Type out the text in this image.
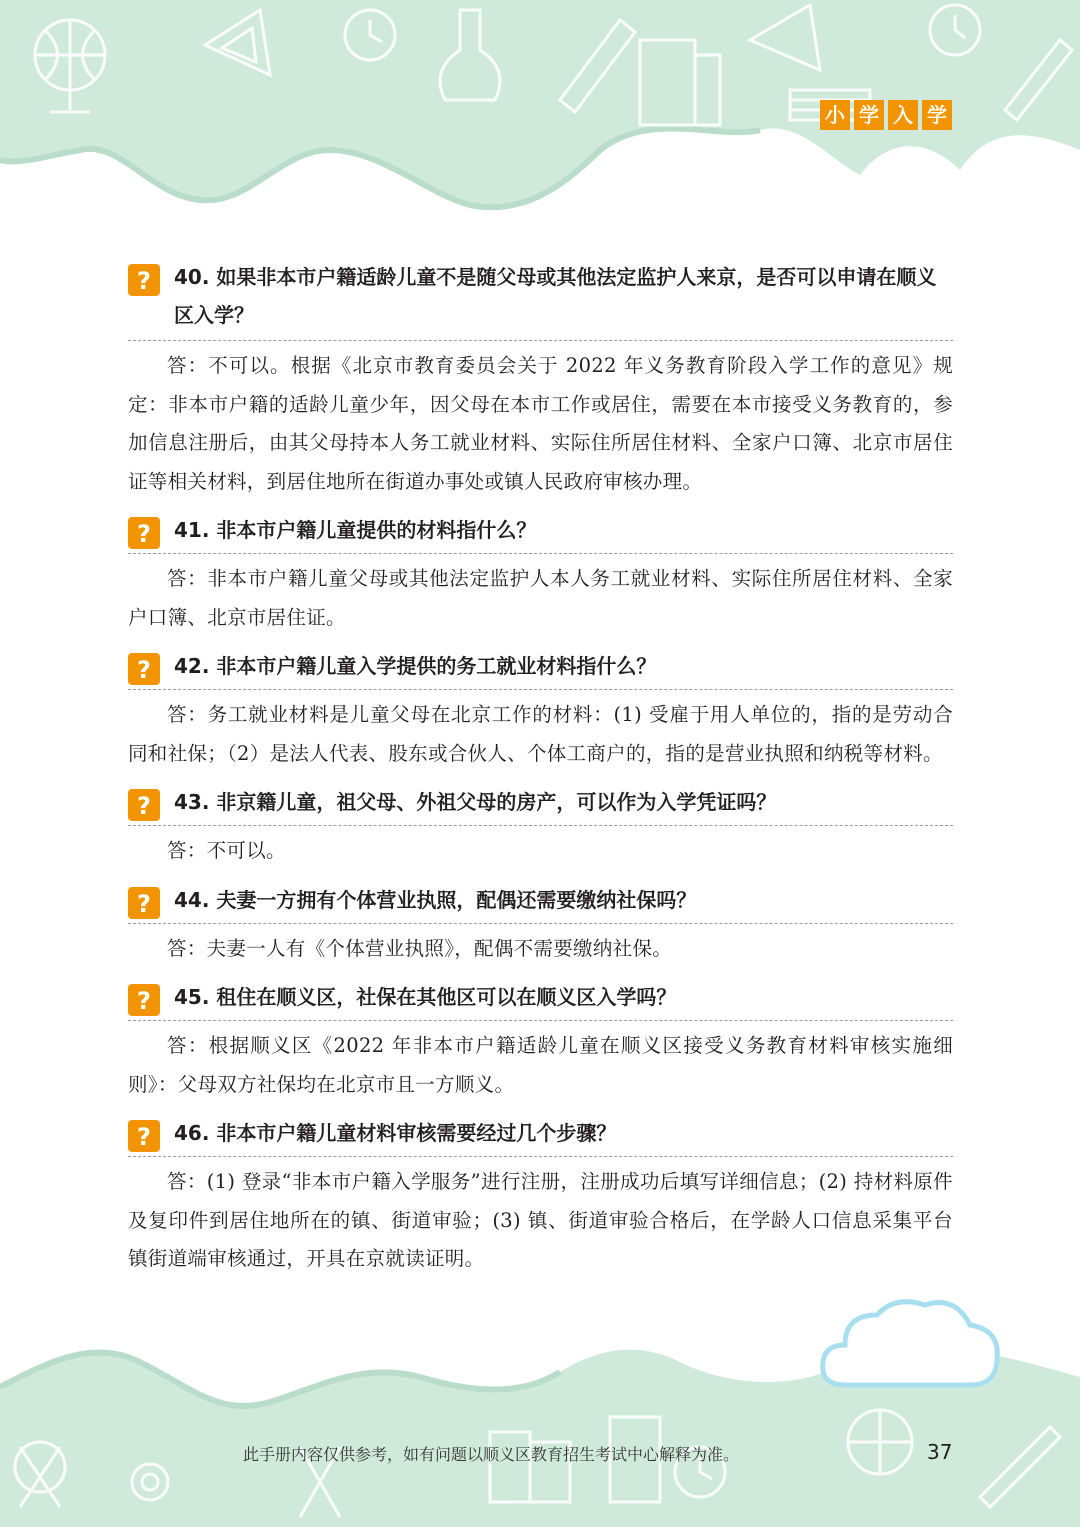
小 学 入 学
? 40. 如果非本市户籍适龄儿童不是随父母或其他法定监护人来京，是否可以申请在顺义区入学？
答：不可以。根据《北京市教育委员会关于 2022 年义务教育阶段入学工作的意见》规定：非本市户籍的适龄儿童少年，因父母在本市工作或居住，需要在本市接受义务教育的，参加信息注册后，由其父母持本人务工就业材料、实际住所居住材料、全家户口簿、北京市居住证等相关材料，到居住地所在街道办事处或镇人民政府审核办理。
? 41. 非本市户籍儿童提供的材料指什么？
答：非本市户籍儿童父母或其他法定监护人本人务工就业材料、实际住所居住材料、全家户口簿、北京市居住证。
? 42. 非本市户籍儿童入学提供的务工就业材料指什么？
答：务工就业材料是儿童父母在北京工作的材料：(1) 受雇于用人单位的，指的是劳动合同和社保；（2）是法人代表、股东或合伙人、个体工商户的，指的是营业执照和纳税等材料。
? 43. 非京籍儿童，祖父母、外祖父母的房产，可以作为入学凭证吗？
答：不可以。
? 44. 夫妻一方拥有个体营业执照，配偶还需要缴纳社保吗？
答：夫妻一人有《个体营业执照》，配偶不需要缴纳社保。
? 45. 租住在顺义区，社保在其他区可以在顺义区入学吗？
答：根据顺义区《2022 年非本市户籍适龄儿童在顺义区接受义务教育材料审核实施细则》：父母双方社保均在北京市且一方顺义。
? 46. 非本市户籍儿童材料审核需要经过几个步骤？
答：(1) 登录“非本市户籍入学服务”进行注册，注册成功后填写详细信息；(2) 持材料原件及复印件到居住地所在的镇、街道审验；(3) 镇、街道审验合格后，在学龄人口信息采集平台镇街道端审核通过，开具在京就读证明。
此手册内容仅供参考，如有问题以顺义区教育招生考试中心解释为准。	37
